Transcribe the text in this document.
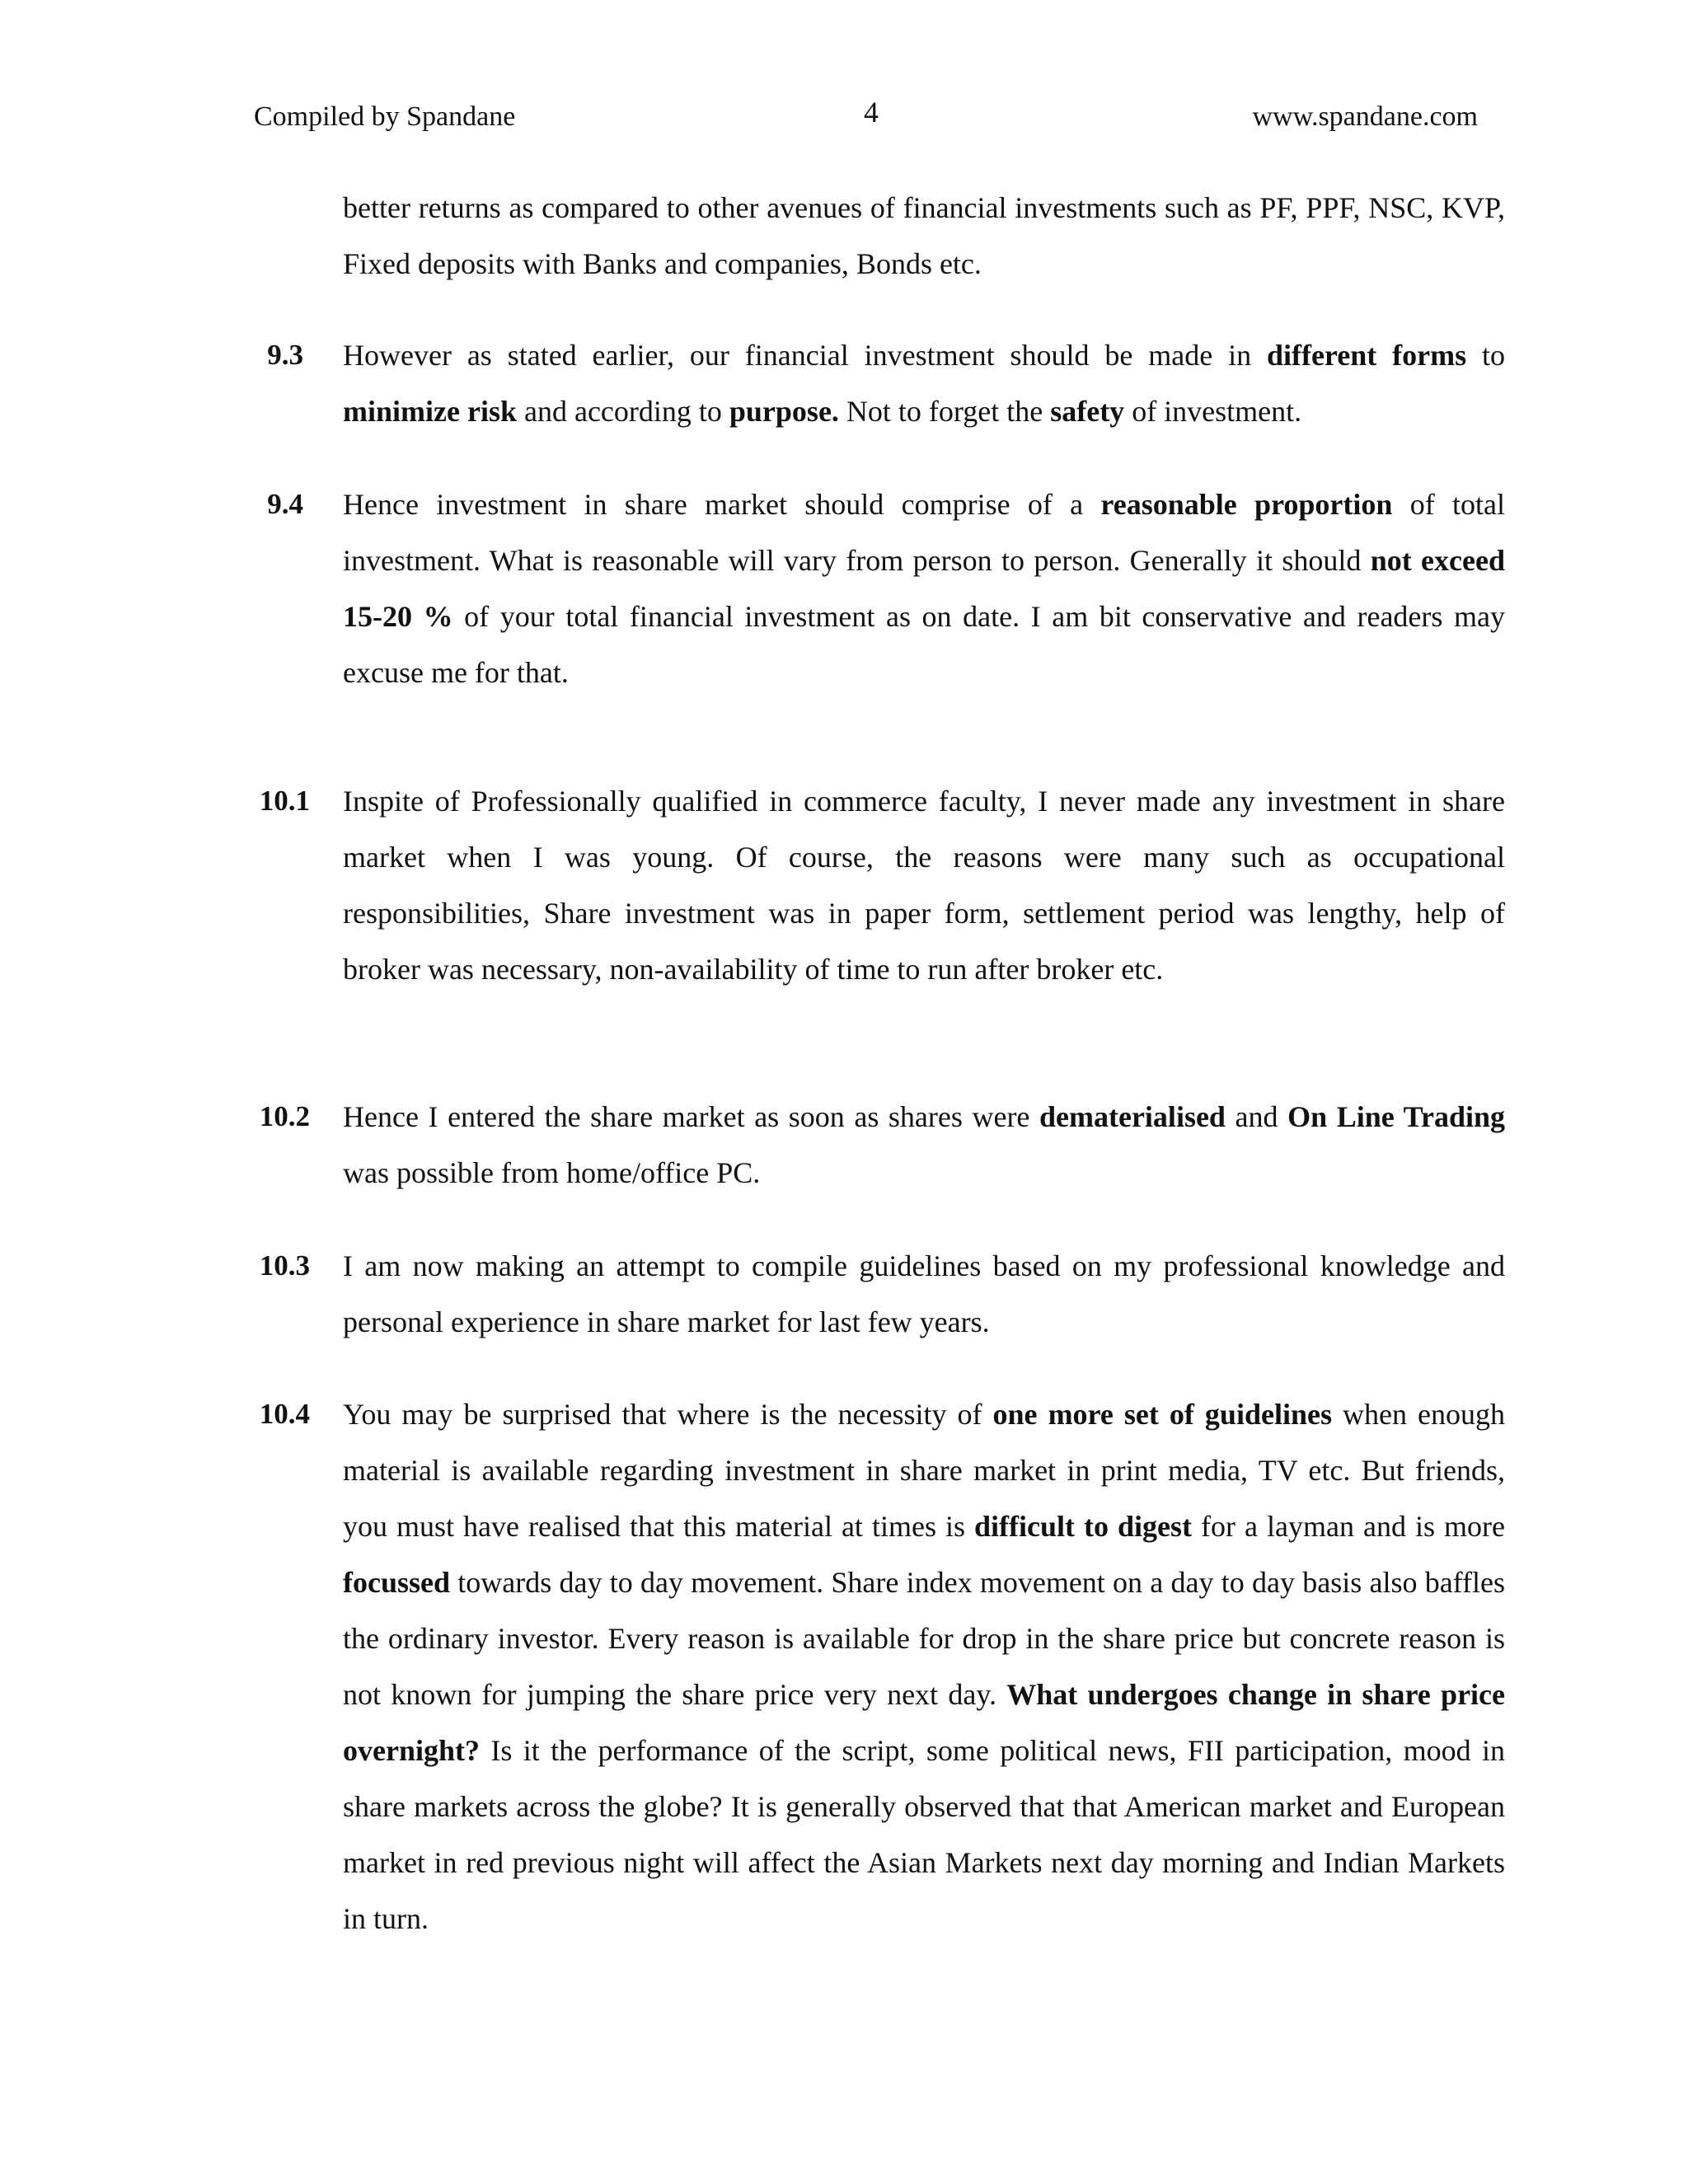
Compiled by Spandane	4	www.spandane.com
better returns as compared to other avenues of financial investments such as PF, PPF, NSC, KVP, Fixed deposits with Banks and companies, Bonds etc.
9.3 However as stated earlier, our financial investment should be made in different forms to minimize risk and according to purpose. Not to forget the safety of investment.
9.4 Hence investment in share market should comprise of a reasonable proportion of total investment. What is reasonable will vary from person to person. Generally it should not exceed 15-20 % of your total financial investment as on date. I am bit conservative and readers may excuse me for that.
10.1 Inspite of Professionally qualified in commerce faculty, I never made any investment in share market when I was young. Of course, the reasons were many such as occupational responsibilities, Share investment was in paper form, settlement period was lengthy, help of broker was necessary, non-availability of time to run after broker etc.
10.2 Hence I entered the share market as soon as shares were dematerialised and On Line Trading was possible from home/office PC.
10.3 I am now making an attempt to compile guidelines based on my professional knowledge and personal experience in share market for last few years.
10.4 You may be surprised that where is the necessity of one more set of guidelines when enough material is available regarding investment in share market in print media, TV etc. But friends, you must have realised that this material at times is difficult to digest for a layman and is more focussed towards day to day movement. Share index movement on a day to day basis also baffles the ordinary investor. Every reason is available for drop in the share price but concrete reason is not known for jumping the share price very next day. What undergoes change in share price overnight? Is it the performance of the script, some political news, FII participation, mood in share markets across the globe? It is generally observed that that American market and European market in red previous night will affect the Asian Markets next day morning and Indian Markets in turn.
